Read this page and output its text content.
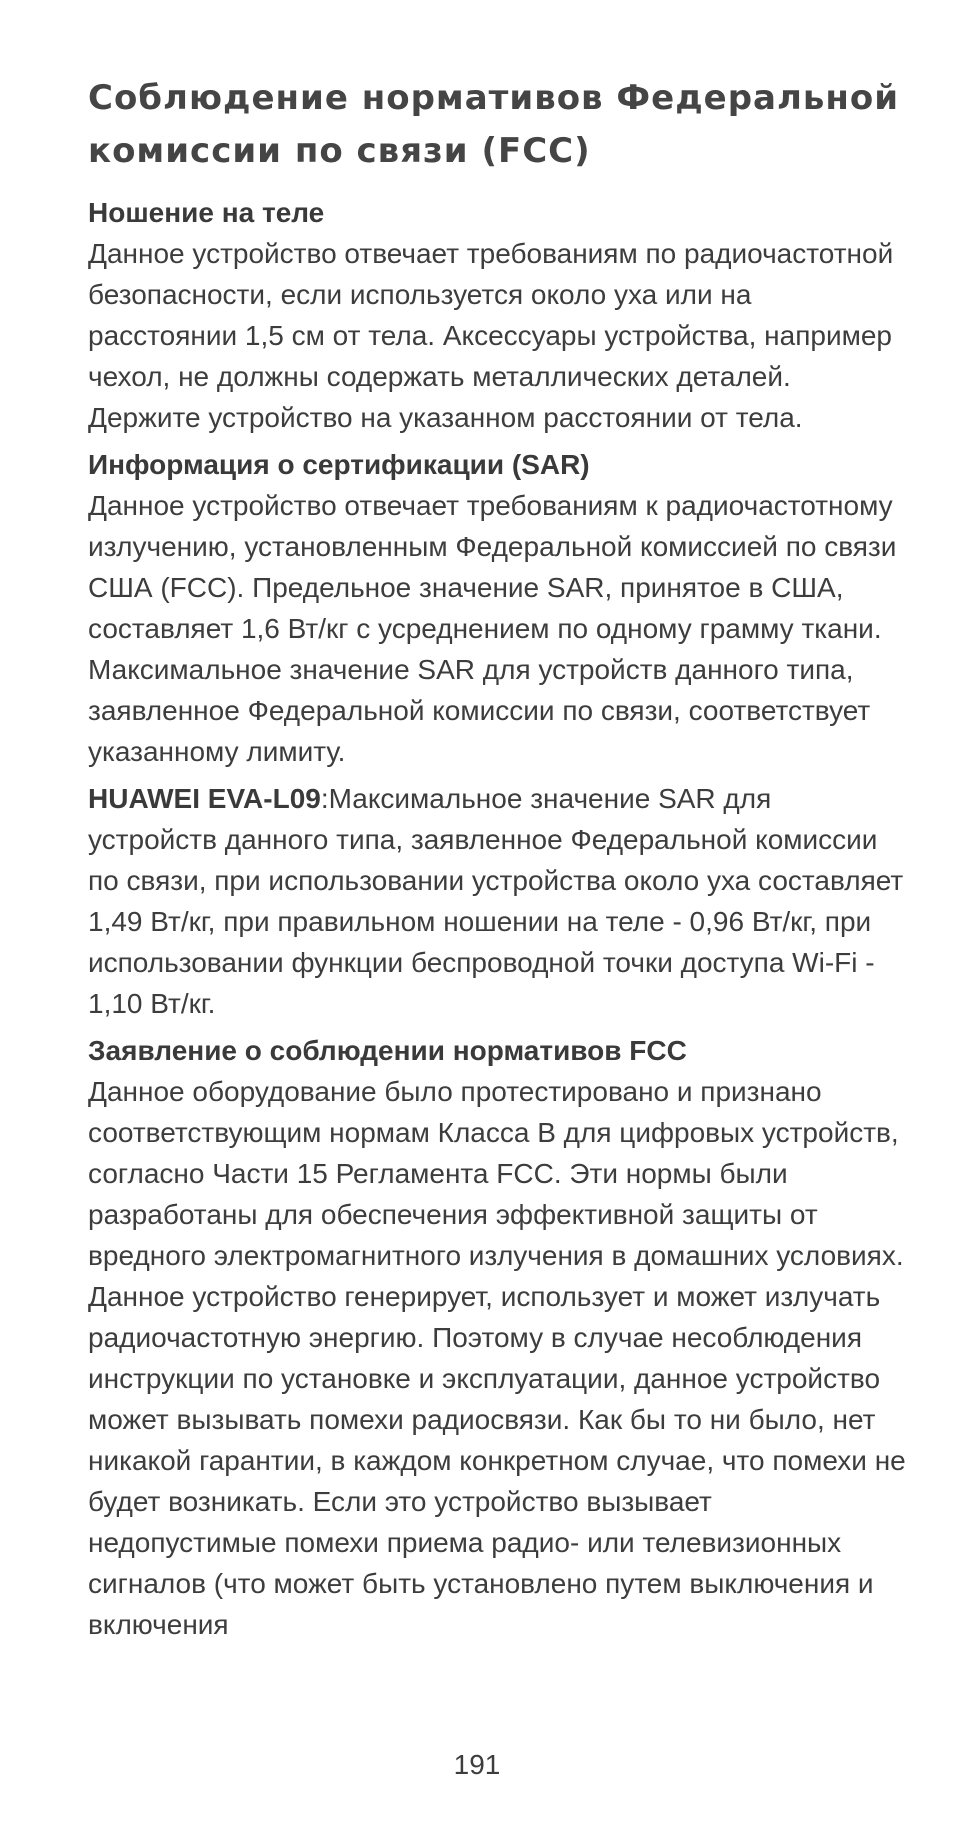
Соблюдение нормативов Федеральной комиссии по связи (FCC)
Ношение на теле

Данное устройство отвечает требованиям по радиочастотной безопасности, если используется около уха или на расстоянии 1,5 см от тела. Аксессуары устройства, например чехол, не должны содержать металлических деталей. Держите устройство на указанном расстоянии от тела.

Информация о сертификации (SAR)

Данное устройство отвечает требованиям к радиочастотному излучению, установленным Федеральной комиссией по связи США (FCC). Предельное значение SAR, принятое в США, составляет 1,6 Вт/кг с усреднением по одному грамму ткани. Максимальное значение SAR для устройств данного типа, заявленное Федеральной комиссии по связи, соответствует указанному лимиту.

HUAWEI EVA-L09:Максимальное значение SAR для устройств данного типа, заявленное Федеральной комиссии по связи, при использовании устройства около уха составляет 1,49 Вт/кг, при правильном ношении на теле - 0,96 Вт/кг, при использовании функции беспроводной точки доступа Wi-Fi - 1,10 Вт/кг.

Заявление о соблюдении нормативов FCC

Данное оборудование было протестировано и признано соответствующим нормам Класса B для цифровых устройств, согласно Части 15 Регламента FCC. Эти нормы были разработаны для обеспечения эффективной защиты от вредного электромагнитного излучения в домашних условиях. Данное устройство генерирует, использует и может излучать радиочастотную энергию. Поэтому в случае несоблюдения инструкции по установке и эксплуатации, данное устройство может вызывать помехи радиосвязи. Как бы то ни было, нет никакой гарантии, в каждом конкретном случае, что помехи не будет возникать. Если это устройство вызывает недопустимые помехи приема радио- или телевизионных сигналов (что может быть установлено путем выключения и включения

191
